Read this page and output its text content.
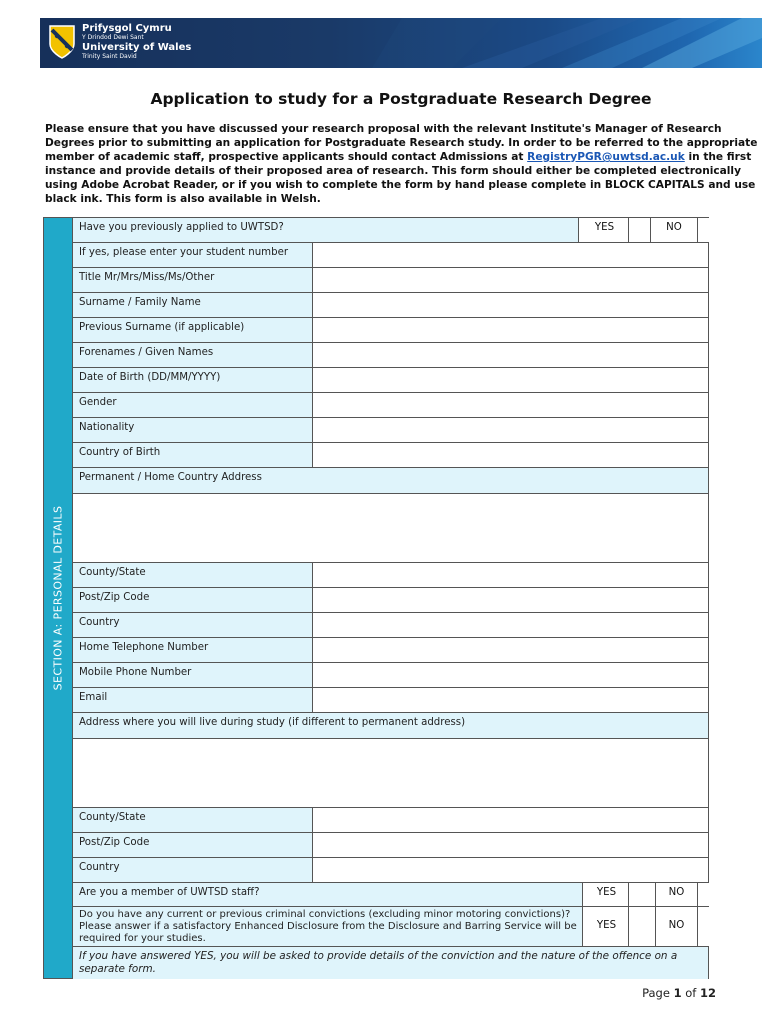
Prifysgol Cymru
Y Drindod Dewi Sant
University of Wales
Trinity Saint David
Application to study for a Postgraduate Research Degree
Please ensure that you have discussed your research proposal with the relevant Institute's Manager of Research Degrees prior to submitting an application for Postgraduate Research study. In order to be referred to the appropriate member of academic staff, prospective applicants should contact Admissions at RegistryPGR@uwtsd.ac.uk in the first instance and provide details of their proposed area of research. This form should either be completed electronically using Adobe Acrobat Reader, or if you wish to complete the form by hand please complete in BLOCK CAPITALS and use black ink. This form is also available in Welsh.
SECTION A: PERSONAL DETAILS
Have you previously applied to UWTSD?	YES	NO
If yes, please enter your student number
Title Mr/Mrs/Miss/Ms/Other
Surname / Family Name
Previous Surname (if applicable)
Forenames / Given Names
Date of Birth (DD/MM/YYYY)
Gender
Nationality
Country of Birth
Permanent / Home Country Address
County/State
Post/Zip Code
Country
Home Telephone Number
Mobile Phone Number
Email
Address where you will live during study (if different to permanent address)
County/State
Post/Zip Code
Country
Are you a member of UWTSD staff?	YES	NO
Do you have any current or previous criminal convictions (excluding minor motoring convictions)? Please answer if a satisfactory Enhanced Disclosure from the Disclosure and Barring Service will be required for your studies.
YES	NO
If you have answered YES, you will be asked to provide details of the conviction and the nature of the offence on a separate form.
Page 1 of 12
